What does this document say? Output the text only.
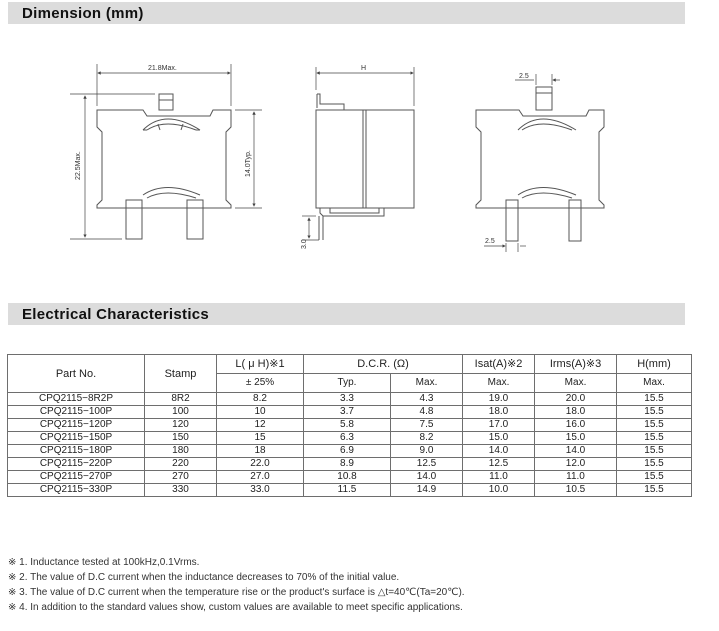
Dimension (mm)
21.8Max.
22.5Max.	14.0Typ.
H
3.0
2.5
2.5
Electrical Characteristics
Part No.	Stamp	L( μ H)※1	D.C.R. (Ω)		Isat(A)※2	Irms(A)※3	H(mm)
		± 25%	Typ.	Max.	Max.	Max.	Max.
CPQ2115−8R2P	8R2	8.2	3.3	4.3	19.0	20.0	15.5
CPQ2115−100P	100	10	3.7	4.8	18.0	18.0	15.5
CPQ2115−120P	120	12	5.8	7.5	17.0	16.0	15.5
CPQ2115−150P	150	15	6.3	8.2	15.0	15.0	15.5
CPQ2115−180P	180	18	6.9	9.0	14.0	14.0	15.5
CPQ2115−220P	220	22.0	8.9	12.5	12.5	12.0	15.5
CPQ2115−270P	270	27.0	10.8	14.0	11.0	11.0	15.5
CPQ2115−330P	330	33.0	11.5	14.9	10.0	10.5	15.5
※ 1. Inductance tested at 100kHz,0.1Vrms.
※ 2. The value of D.C current when the inductance decreases to 70% of the initial value.
※ 3. The value of D.C current when the temperature rise or the product's surface is △t=40℃(Ta=20℃).
※ 4. In addition to the standard values show, custom values are available to meet specific applications.
